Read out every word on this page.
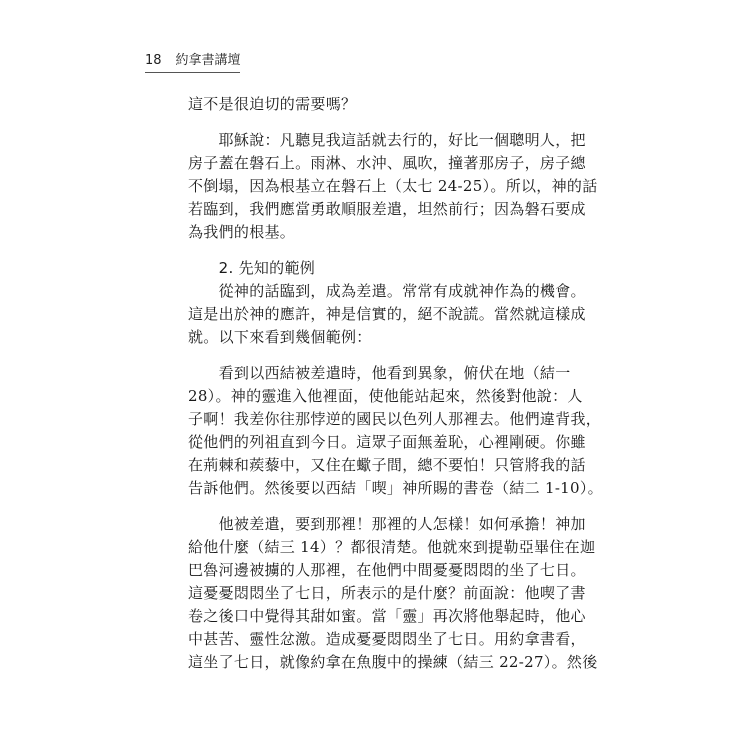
18 約拿書講壇
這不是很迫切的需要嗎？
　　耶穌說：凡聽見我這話就去行的，好比一個聰明人，把
房子蓋在磐石上。雨淋、水沖、風吹，撞著那房子，房子總
不倒塌，因為根基立在磐石上（太七 24-25）。所以，神的話
若臨到，我們應當勇敢順服差遣，坦然前行；因為磐石要成
為我們的根基。
　　2. 先知的範例
　　從神的話臨到，成為差遣。常常有成就神作為的機會。
這是出於神的應許，神是信實的，絕不說謊。當然就這樣成
就。以下來看到幾個範例：
　　看到以西結被差遣時，他看到異象，俯伏在地（結一
28）。神的靈進入他裡面，使他能站起來，然後對他說：人
子啊！我差你往那悖逆的國民以色列人那裡去。他們違背我，
從他們的列祖直到今日。這眾子面無羞恥，心裡剛硬。你雖
在荊棘和蒺藜中，又住在蠍子間，總不要怕！只管將我的話
告訴他們。然後要以西結「喫」神所賜的書卷（結二 1-10）。
　　他被差遣，要到那裡！那裡的人怎樣！如何承擔！神加
給他什麼（結三 14）？都很清楚。他就來到提勒亞畢住在迦
巴魯河邊被擄的人那裡，在他們中間憂憂悶悶的坐了七日。
這憂憂悶悶坐了七日，所表示的是什麼？前面說：他喫了書
卷之後口中覺得其甜如蜜。當「靈」再次將他舉起時，他心
中甚苦、靈性忿激。造成憂憂悶悶坐了七日。用約拿書看，
這坐了七日，就像約拿在魚腹中的操練（結三 22-27）。然後
